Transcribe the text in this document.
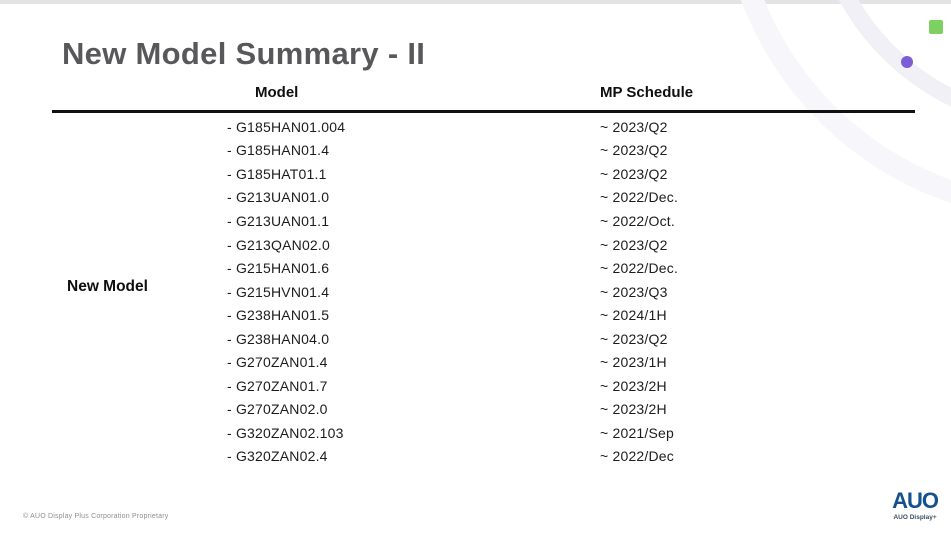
New Model Summary - II
Model	MP Schedule
New Model
- G185HAN01.004	~ 2023/Q2
- G185HAN01.4	~ 2023/Q2
- G185HAT01.1	~ 2023/Q2
- G213UAN01.0	~ 2022/Dec.
- G213UAN01.1	~ 2022/Oct.
- G213QAN02.0	~ 2023/Q2
- G215HAN01.6	~ 2022/Dec.
- G215HVN01.4	~ 2023/Q3
- G238HAN01.5	~ 2024/1H
- G238HAN04.0	~ 2023/Q2
- G270ZAN01.4	~ 2023/1H
- G270ZAN01.7	~ 2023/2H
- G270ZAN02.0	~ 2023/2H
- G320ZAN02.103	~ 2021/Sep
- G320ZAN02.4	~ 2022/Dec
© AUO Display Plus Corporation Proprietary
AUO
AUO Display+
